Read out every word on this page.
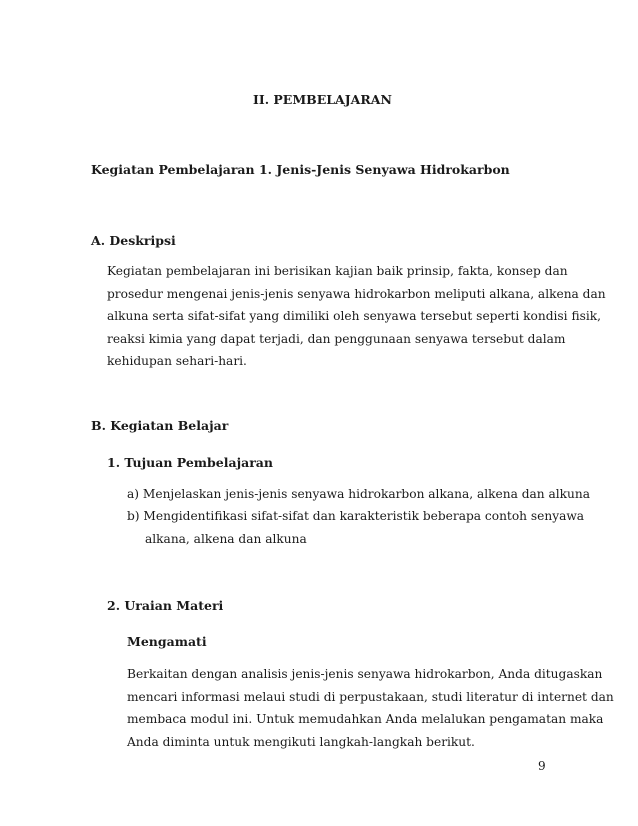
II. PEMBELAJARAN
Kegiatan Pembelajaran 1. Jenis-Jenis Senyawa Hidrokarbon
A. Deskripsi
Kegiatan pembelajaran ini berisikan kajian baik prinsip, fakta, konsep dan
prosedur mengenai jenis-jenis senyawa hidrokarbon meliputi alkana, alkena dan
alkuna serta sifat-sifat yang dimiliki oleh senyawa tersebut seperti kondisi fisik,
reaksi kimia yang dapat terjadi, dan penggunaan senyawa tersebut dalam
kehidupan sehari-hari.
B. Kegiatan Belajar
1. Tujuan Pembelajaran
a) Menjelaskan jenis-jenis senyawa hidrokarbon alkana, alkena dan alkuna
b) Mengidentifikasi sifat-sifat dan karakteristik beberapa contoh senyawa
alkana, alkena dan alkuna
2. Uraian Materi
Mengamati
Berkaitan dengan analisis jenis-jenis senyawa hidrokarbon, Anda ditugaskan
mencari informasi melaui studi di perpustakaan, studi literatur di internet dan
membaca modul ini. Untuk memudahkan Anda melalukan pengamatan maka
Anda diminta untuk mengikuti langkah-langkah berikut.
9
